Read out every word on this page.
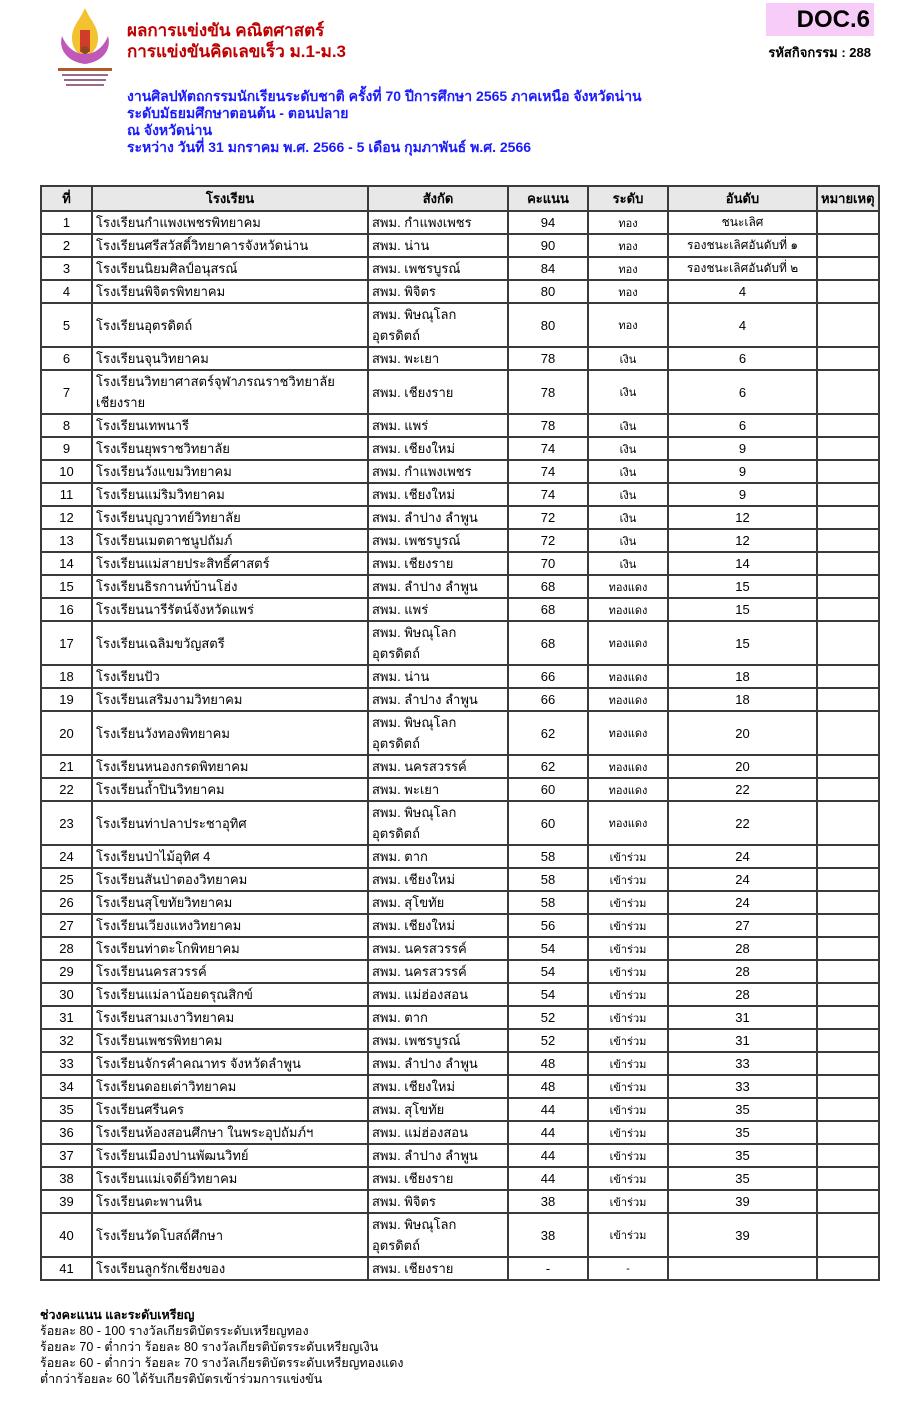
ผลการแข่งขัน คณิตศาสตร์
การแข่งขันคิดเลขเร็ว ม.1-ม.3
DOC.6
รหัสกิจกรรม : 288
งานศิลปหัตถกรรมนักเรียนระดับชาติ ครั้งที่ 70 ปีการศึกษา 2565 ภาคเหนือ จังหวัดน่าน
ระดับมัธยมศึกษาตอนต้น - ตอนปลาย
ณ จังหวัดน่าน
ระหว่าง วันที่ 31 มกราคม พ.ศ. 2566 - 5 เดือน กุมภาพันธ์ พ.ศ. 2566
ที่	โรงเรียน	สังกัด	คะแนน	ระดับ	อันดับ	หมายเหตุ
1	โรงเรียนกำแพงเพชรพิทยาคม	สพม. กำแพงเพชร	94	ทอง	ชนะเลิศ	
2	โรงเรียนศรีสวัสดิ์วิทยาคารจังหวัดน่าน	สพม. น่าน	90	ทอง	รองชนะเลิศอันดับที่ ๑	
3	โรงเรียนนิยมศิลป์อนุสรณ์	สพม. เพชรบูรณ์	84	ทอง	รองชนะเลิศอันดับที่ ๒	
4	โรงเรียนพิจิตรพิทยาคม	สพม. พิจิตร	80	ทอง	4	
5	โรงเรียนอุตรดิตถ์	สพม. พิษณุโลก อุตรดิตถ์	80	ทอง	4	
6	โรงเรียนจุนวิทยาคม	สพม. พะเยา	78	เงิน	6	
7	โรงเรียนวิทยาศาสตร์จุฬาภรณราชวิทยาลัย เชียงราย	สพม. เชียงราย	78	เงิน	6	
8	โรงเรียนเทพนารี	สพม. แพร่	78	เงิน	6	
9	โรงเรียนยุพราชวิทยาลัย	สพม. เชียงใหม่	74	เงิน	9	
10	โรงเรียนวังแขมวิทยาคม	สพม. กำแพงเพชร	74	เงิน	9	
11	โรงเรียนแม่ริมวิทยาคม	สพม. เชียงใหม่	74	เงิน	9	
12	โรงเรียนบุญวาทย์วิทยาลัย	สพม. ลำปาง ลำพูน	72	เงิน	12	
13	โรงเรียนเมตตาชนูปถัมภ์	สพม. เพชรบูรณ์	72	เงิน	12	
14	โรงเรียนแม่สายประสิทธิ์ศาสตร์	สพม. เชียงราย	70	เงิน	14	
15	โรงเรียนธิรกานท์บ้านโฮ่ง	สพม. ลำปาง ลำพูน	68	ทองแดง	15	
16	โรงเรียนนารีรัตน์จังหวัดแพร่	สพม. แพร่	68	ทองแดง	15	
17	โรงเรียนเฉลิมขวัญสตรี	สพม. พิษณุโลก อุตรดิตถ์	68	ทองแดง	15	
18	โรงเรียนปัว	สพม. น่าน	66	ทองแดง	18	
19	โรงเรียนเสริมงามวิทยาคม	สพม. ลำปาง ลำพูน	66	ทองแดง	18	
20	โรงเรียนวังทองพิทยาคม	สพม. พิษณุโลก อุตรดิตถ์	62	ทองแดง	20	
21	โรงเรียนหนองกรดพิทยาคม	สพม. นครสวรรค์	62	ทองแดง	20	
22	โรงเรียนถ้ำปินวิทยาคม	สพม. พะเยา	60	ทองแดง	22	
23	โรงเรียนท่าปลาประชาอุทิศ	สพม. พิษณุโลก อุตรดิตถ์	60	ทองแดง	22	
24	โรงเรียนป่าไม้อุทิศ 4	สพม. ตาก	58	เข้าร่วม	24	
25	โรงเรียนสันป่าตองวิทยาคม	สพม. เชียงใหม่	58	เข้าร่วม	24	
26	โรงเรียนสุโขทัยวิทยาคม	สพม. สุโขทัย	58	เข้าร่วม	24	
27	โรงเรียนเวียงแหงวิทยาคม	สพม. เชียงใหม่	56	เข้าร่วม	27	
28	โรงเรียนท่าตะโกพิทยาคม	สพม. นครสวรรค์	54	เข้าร่วม	28	
29	โรงเรียนนครสวรรค์	สพม. นครสวรรค์	54	เข้าร่วม	28	
30	โรงเรียนแม่ลาน้อยดรุณสิกข์	สพม. แม่ฮ่องสอน	54	เข้าร่วม	28	
31	โรงเรียนสามเงาวิทยาคม	สพม. ตาก	52	เข้าร่วม	31	
32	โรงเรียนเพชรพิทยาคม	สพม. เพชรบูรณ์	52	เข้าร่วม	31	
33	โรงเรียนจักรคำคณาทร จังหวัดลำพูน	สพม. ลำปาง ลำพูน	48	เข้าร่วม	33	
34	โรงเรียนดอยเต่าวิทยาคม	สพม. เชียงใหม่	48	เข้าร่วม	33	
35	โรงเรียนศรีนคร	สพม. สุโขทัย	44	เข้าร่วม	35	
36	โรงเรียนห้องสอนศึกษา ในพระอุปถัมภ์ฯ	สพม. แม่ฮ่องสอน	44	เข้าร่วม	35	
37	โรงเรียนเมืองปานพัฒนวิทย์	สพม. ลำปาง ลำพูน	44	เข้าร่วม	35	
38	โรงเรียนแม่เจดีย์วิทยาคม	สพม. เชียงราย	44	เข้าร่วม	35	
39	โรงเรียนตะพานหิน	สพม. พิจิตร	38	เข้าร่วม	39	
40	โรงเรียนวัดโบสถ์ศึกษา	สพม. พิษณุโลก อุตรดิตถ์	38	เข้าร่วม	39	
41	โรงเรียนลูกรักเชียงของ	สพม. เชียงราย	-	-		
ช่วงคะแนน และระดับเหรียญ
ร้อยละ 80 - 100 รางวัลเกียรติบัตรระดับเหรียญทอง
ร้อยละ 70 - ต่ำกว่า ร้อยละ 80 รางวัลเกียรติบัตรระดับเหรียญเงิน
ร้อยละ 60 - ต่ำกว่า ร้อยละ 70 รางวัลเกียรติบัตรระดับเหรียญทองแดง
ต่ำกว่าร้อยละ 60 ได้รับเกียรติบัตรเข้าร่วมการแข่งขัน
